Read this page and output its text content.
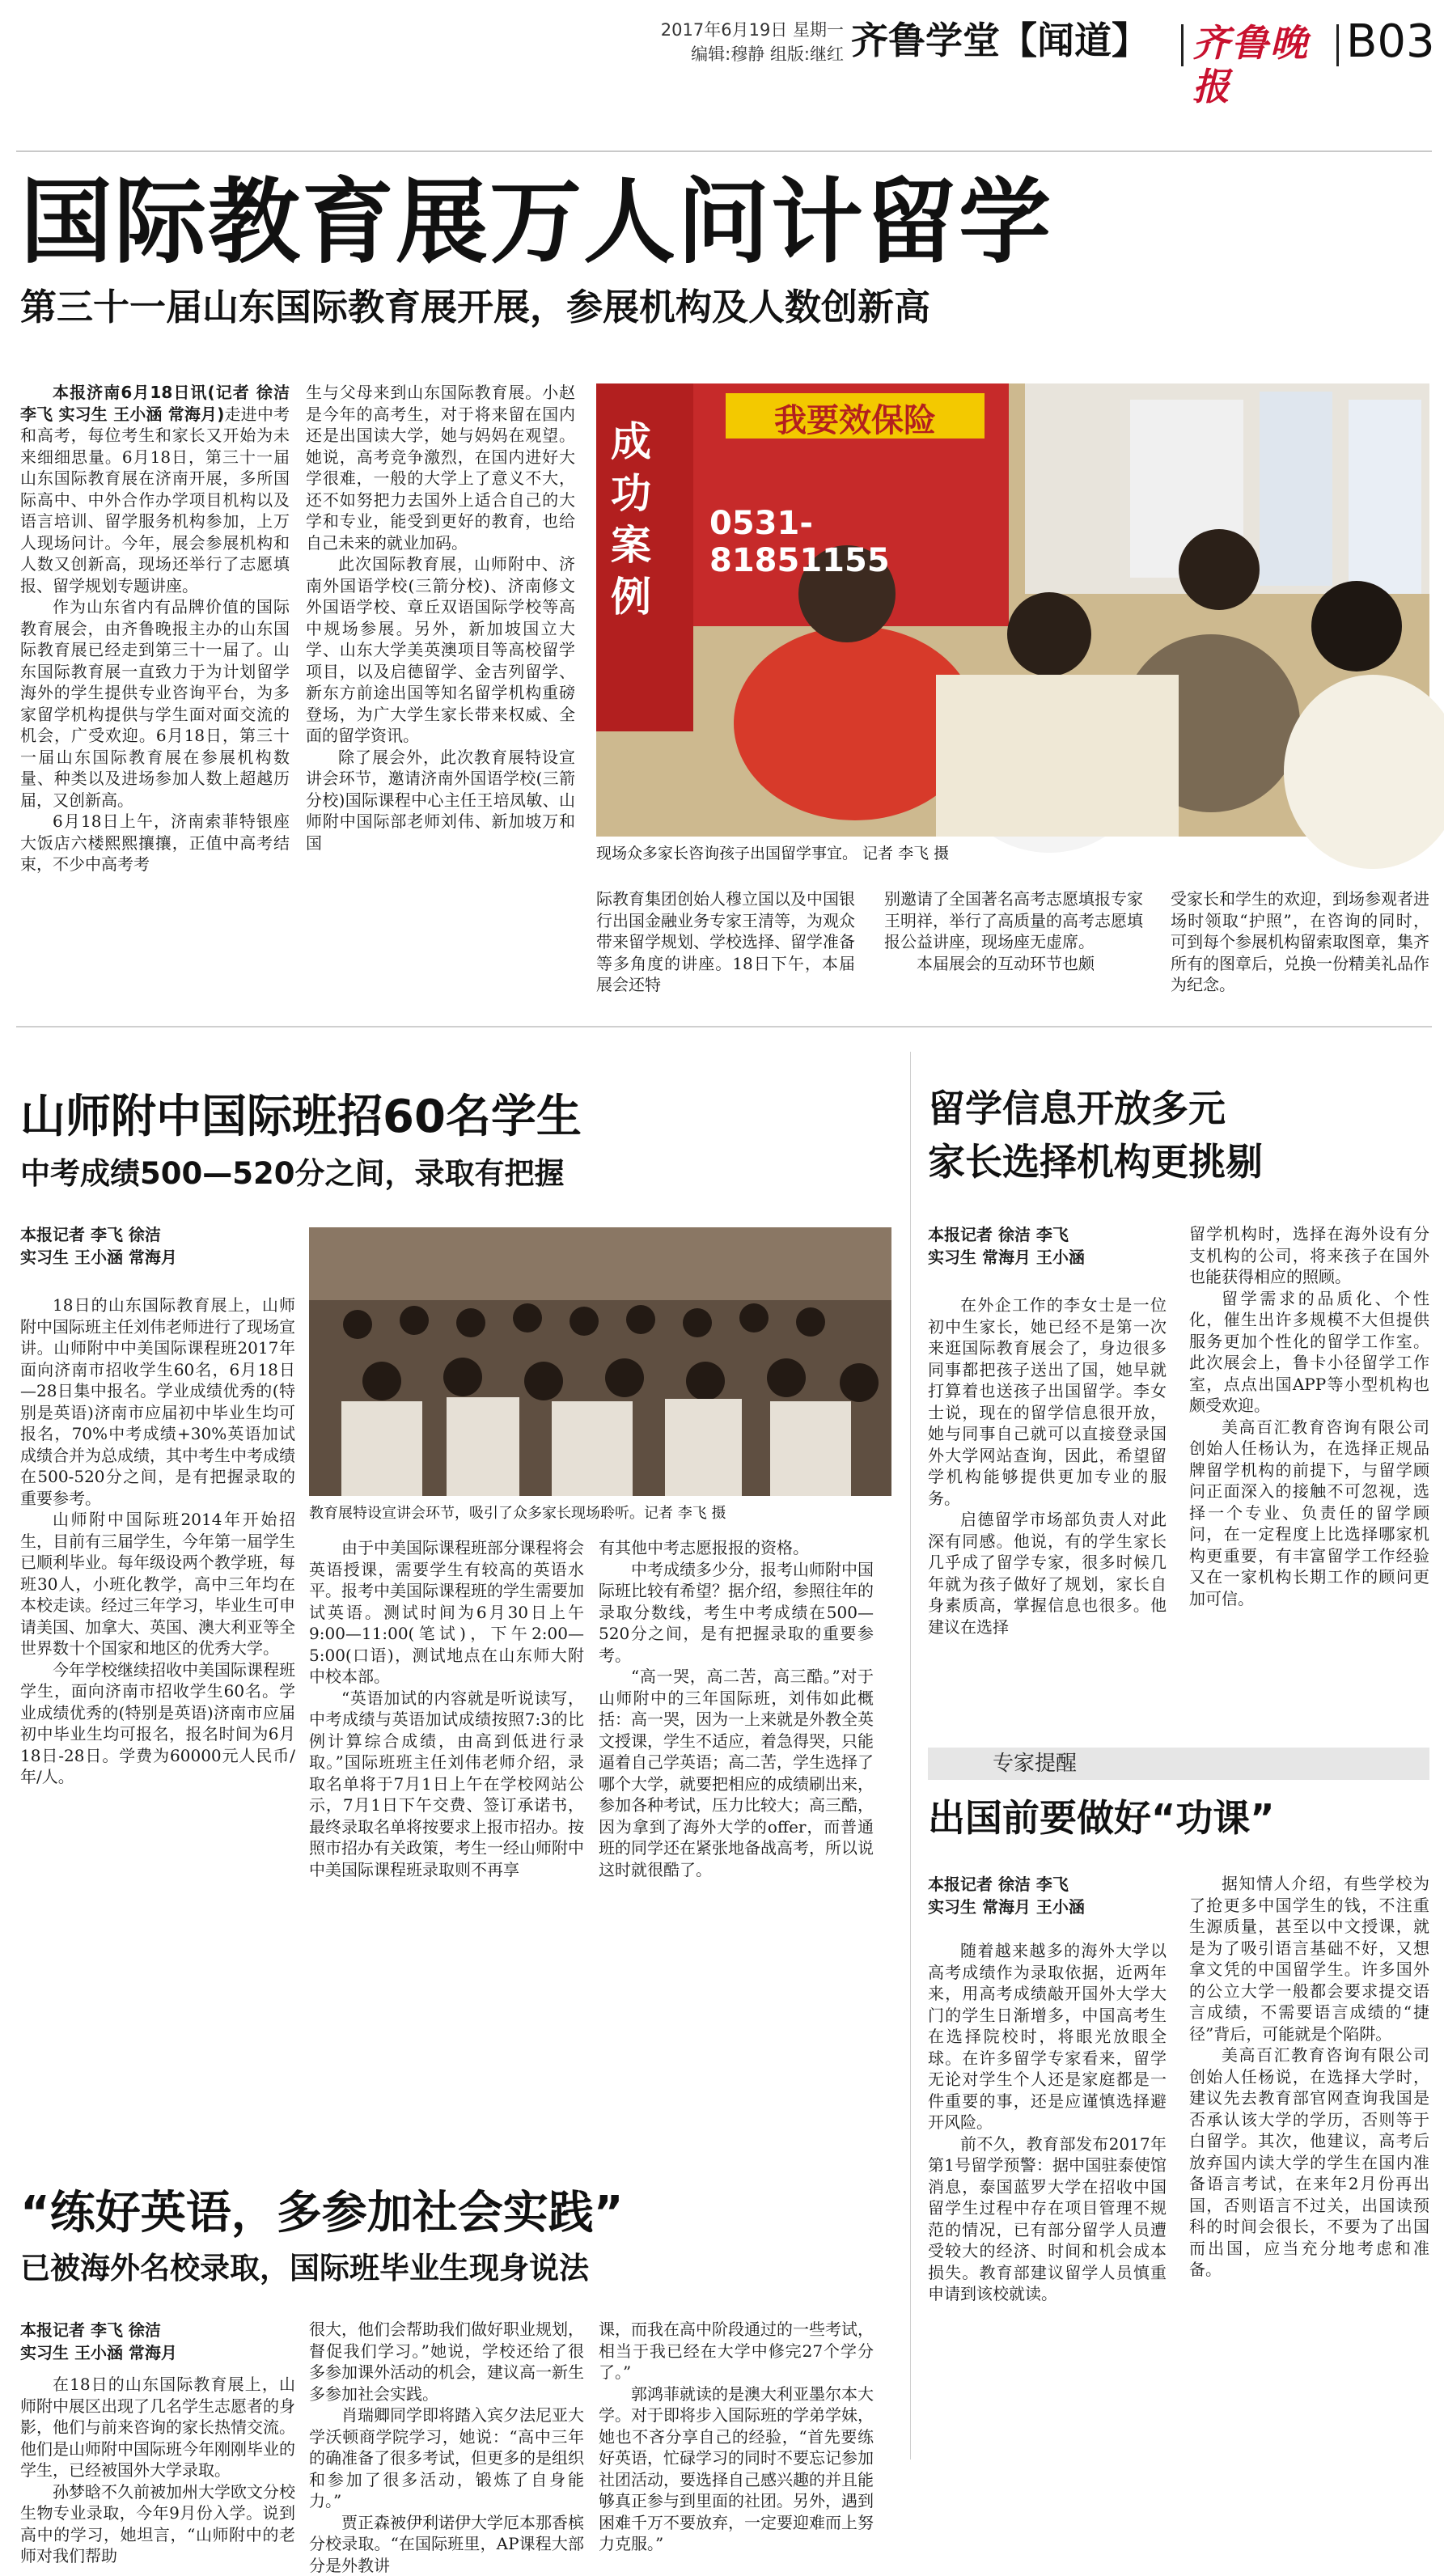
2017年6月19日 星期一
编辑:穆静 组版:继红 齐鲁学堂【闻道】	齐鲁晚报
B03
国际教育展万人问计留学
第三十一届山东国际教育展开展，参展机构及人数创新高

本报济南6月18日讯(记者 徐洁 李飞 实习生 王小涵 常海月)走进中考和高考，每位考生和家长又开始为未来细细思量。6月18日，第三十一届山东国际教育展在济南开展，多所国际高中、中外合作办学项目机构以及语言培训、留学服务机构参加，上万人现场问计。今年，展会参展机构和人数又创新高，现场还举行了志愿填报、留学规划专题讲座。

作为山东省内有品牌价值的国际教育展会，由齐鲁晚报主办的山东国际教育展已经走到第三十一届了。山东国际教育展一直致力于为计划留学海外的学生提供专业咨询平台，为多家留学机构提供与学生面对面交流的机会，广受欢迎。6月18日，第三十一届山东国际教育展在参展机构数量、种类以及进场参加人数上超越历届，又创新高。

6月18日上午，济南索菲特银座大饭店六楼熙熙攘攘，正值中高考结束，不少中高考考

生与父母来到山东国际教育展。小赵是今年的高考生，对于将来留在国内还是出国读大学，她与妈妈在观望。她说，高考竞争激烈，在国内进好大学很难，一般的大学上了意义不大，还不如努把力去国外上适合自己的大学和专业，能受到更好的教育，也给自己未来的就业加码。

此次国际教育展，山师附中、济南外国语学校(三箭分校)、济南修文外国语学校、章丘双语国际学校等高中规场参展。另外，新加坡国立大学、山东大学美英澳项目等高校留学项目，以及启德留学、金吉列留学、新东方前途出国等知名留学机构重磅登场，为广大学生家长带来权威、全面的留学资讯。

除了展会外，此次教育展特设宣讲会环节，邀请济南外国语学校(三箭分校)国际课程中心主任王培凤敏、山师附中国际部老师刘伟、新加坡万和国

我要效保险
0531-81851155
成功案例
现场众多家长咨询孩子出国留学事宜。 记者 李飞 摄

际教育集团创始人穆立国以及中国银行出国金融业务专家王清等，为观众带来留学规划、学校选择、留学准备等多角度的讲座。18日下午，本届展会还特

别邀请了全国著名高考志愿填报专家王明祥，举行了高质量的高考志愿填报公益讲座，现场座无虚席。

本届展会的互动环节也颇

受家长和学生的欢迎，到场参观者进场时领取“护照”，在咨询的同时，可到每个参展机构留索取图章，集齐所有的图章后，兑换一份精美礼品作为纪念。

山师附中国际班招60名学生
中考成绩500—520分之间，录取有把握
本报记者 李飞 徐洁
实习生 王小涵 常海月

18日的山东国际教育展上，山师附中国际班主任刘伟老师进行了现场宣讲。山师附中中美国际课程班2017年面向济南市招收学生60名，6月18日—28日集中报名。学业成绩优秀的(特别是英语)济南市应届初中毕业生均可报名，70%中考成绩+30%英语加试成绩合并为总成绩，其中考生中考成绩在500-520分之间，是有把握录取的重要参考。

山师附中国际班2014年开始招生，目前有三届学生，今年第一届学生已顺利毕业。每年级设两个教学班，每班30人，小班化教学，高中三年均在本校走读。经过三年学习，毕业生可申请美国、加拿大、英国、澳大利亚等全世界数十个国家和地区的优秀大学。

今年学校继续招收中美国际课程班学生，面向济南市招收学生60名。学业成绩优秀的(特别是英语)济南市应届初中毕业生均可报名，报名时间为6月18日-28日。学费为60000元人民币/年/人。

教育展特设宣讲会环节，吸引了众多家长现场聆听。记者 李飞 摄

由于中美国际课程班部分课程将会英语授课，需要学生有较高的英语水平。报考中美国际课程班的学生需要加试英语。测试时间为6月30日上午9:00—11:00(笔试)，下午2:00—5:00(口语)，测试地点在山东师大附中校本部。

“英语加试的内容就是听说读写，中考成绩与英语加试成绩按照7:3的比例计算综合成绩，由高到低进行录取。”国际班班主任刘伟老师介绍，录取名单将于7月1日上午在学校网站公示，7月1日下午交费、签订承诺书，最终录取名单将按要求上报市招办。按照市招办有关政策，考生一经山师附中中美国际课程班录取则不再享

有其他中考志愿报报的资格。

中考成绩多少分，报考山师附中国际班比较有希望？据介绍，参照往年的录取分数线，考生中考成绩在500—520分之间，是有把握录取的重要参考。

“高一哭，高二苦，高三酷。”对于山师附中的三年国际班，刘伟如此概括：高一哭，因为一上来就是外教全英文授课，学生不适应，着急得哭，只能逼着自己学英语；高二苦，学生选择了哪个大学，就要把相应的成绩刷出来，参加各种考试，压力比较大；高三酷，因为拿到了海外大学的offer，而普通班的同学还在紧张地备战高考，所以说这时就很酷了。

留学信息开放多元
家长选择机构更挑剔
本报记者 徐洁 李飞
实习生 常海月 王小涵

在外企工作的李女士是一位初中生家长，她已经不是第一次来逛国际教育展会了，身边很多同事都把孩子送出了国，她早就打算着也送孩子出国留学。李女士说，现在的留学信息很开放，她与同事自己就可以直接登录国外大学网站查询，因此，希望留学机构能够提供更加专业的服务。

启德留学市场部负责人对此深有同感。他说，有的学生家长几乎成了留学专家，很多时候几年就为孩子做好了规划，家长自身素质高，掌握信息也很多。他建议在选择

留学机构时，选择在海外设有分支机构的公司，将来孩子在国外也能获得相应的照顾。

留学需求的品质化、个性化，催生出许多规模不大但提供服务更加个性化的留学工作室。此次展会上，鲁卡小径留学工作室，点点出国APP等小型机构也颇受欢迎。

美高百汇教育咨询有限公司创始人任杨认为，在选择正规品牌留学机构的前提下，与留学顾问正面深入的接触不可忽视，选择一个专业、负责任的留学顾问，在一定程度上比选择哪家机构更重要，有丰富留学工作经验又在一家机构长期工作的顾问更加可信。

专家提醒
出国前要做好“功课”
本报记者 徐洁 李飞
实习生 常海月 王小涵

随着越来越多的海外大学以高考成绩作为录取依据，近两年来，用高考成绩敲开国外大学大门的学生日渐增多，中国高考生在选择院校时，将眼光放眼全球。在许多留学专家看来，留学无论对学生个人还是家庭都是一件重要的事，还是应谨慎选择避开风险。

前不久，教育部发布2017年第1号留学预警：据中国驻泰使馆消息，泰国蓝罗大学在招收中国留学生过程中存在项目管理不规范的情况，已有部分留学人员遭受较大的经济、时间和机会成本损失。教育部建议留学人员慎重申请到该校就读。

据知情人介绍，有些学校为了抢更多中国学生的钱，不注重生源质量，甚至以中文授课，就是为了吸引语言基础不好，又想拿文凭的中国留学生。许多国外的公立大学一般都会要求提交语言成绩，不需要语言成绩的“捷径”背后，可能就是个陷阱。

美高百汇教育咨询有限公司创始人任杨说，在选择大学时，建议先去教育部官网查询我国是否承认该大学的学历，否则等于白留学。其次，他建议，高考后放弃国内读大学的学生在国内准备语言考试，在来年2月份再出国，否则语言不过关，出国读预科的时间会很长，不要为了出国而出国，应当充分地考虑和准备。

“练好英语，多参加社会实践”
已被海外名校录取，国际班毕业生现身说法
本报记者 李飞 徐洁
实习生 王小涵 常海月

在18日的山东国际教育展上，山师附中展区出现了几名学生志愿者的身影，他们与前来咨询的家长热情交流。他们是山师附中国际班今年刚刚毕业的学生，已经被国外大学录取。

孙梦晗不久前被加州大学欧文分校生物专业录取，今年9月份入学。说到高中的学习，她坦言，“山师附中的老师对我们帮助

很大，他们会帮助我们做好职业规划，督促我们学习。”她说，学校还给了很多参加课外活动的机会，建议高一新生多参加社会实践。

肖瑞卿同学即将踏入宾夕法尼亚大学沃顿商学院学习，她说：“高中三年的确准备了很多考试，但更多的是组织和参加了很多活动，锻炼了自身能力。”

贾正森被伊利诺伊大学厄本那香槟分校录取。“在国际班里，AP课程大部分是外教讲

课，而我在高中阶段通过的一些考试，相当于我已经在大学中修完27个学分了。”

郭鸿菲就读的是澳大利亚墨尔本大学。对于即将步入国际班的学弟学妹，她也不吝分享自己的经验，“首先要练好英语，忙碌学习的同时不要忘记参加社团活动，要选择自己感兴趣的并且能够真正参与到里面的社团。另外，遇到困难千万不要放弃，一定要迎难而上努力克服。”
